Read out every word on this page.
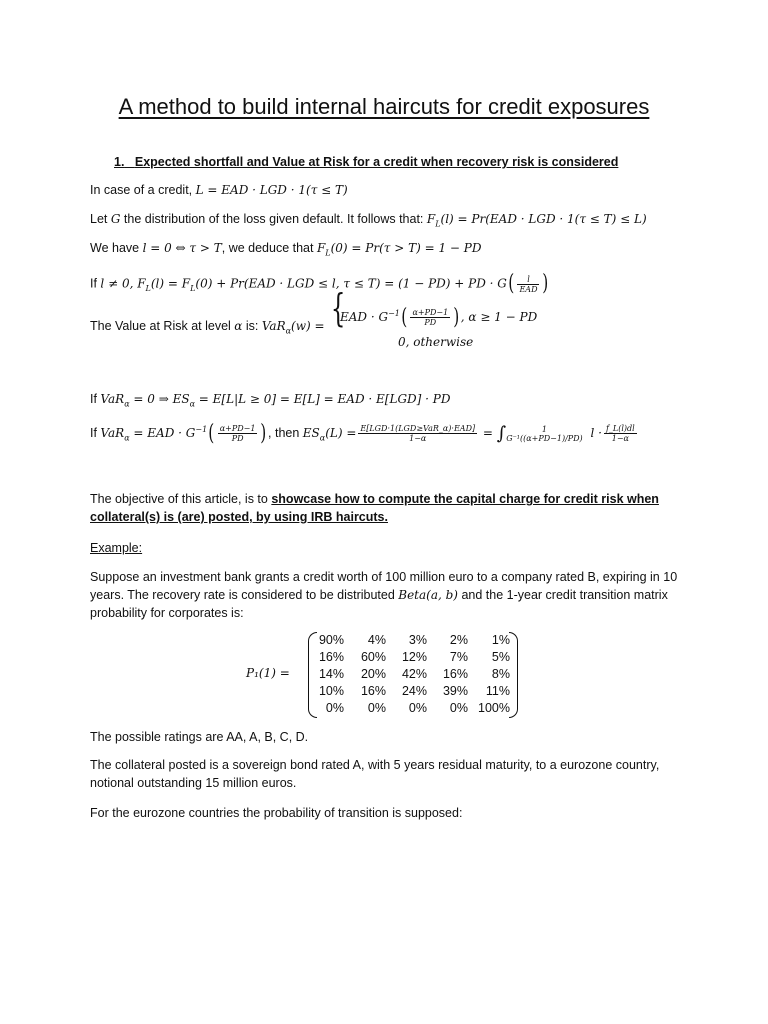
A method to build internal haircuts for credit exposures
1. Expected shortfall and Value at Risk for a credit when recovery risk is considered
In case of a credit, L = EAD · LGD · 1(τ ≤ T)
Let G the distribution of the loss given default. It follows that: $F_L(l) = Pr(EAD$ · LGD · 1(τ ≤ T) ≤ L)
We have l = 0 ⇔ τ > T, we deduce that $F_L(0) = Pr(\tau > T) = 1$ − PD
If l ≠ 0, $F_L(l) = F_L(0) + Pr(EAD$ · LGD ≤ l, τ ≤ T) = (1 − PD) + PD · $G( \frac{l}{\text{EAD}}$ )
The Value at Risk at level α is: VaR$_\alpha$(w) = {
EAD · $G^{-1}( \frac{\alpha+PD-1}{PD}$ ), α ≥ 1 − PD
0, otherwise
If VaR$_\alpha$ = 0 ⇒ $ES_\alpha = E[L|L \ge 0] = E[L]$ = EAD · E[LGD] · PD
If VaR$_\alpha$ = EAD · $G^{-1}( \frac{\alpha+PD-1}{PD}$ ), then $ES_\alpha(L) = \frac{\text{E[LGD·1(LGD≥VaR\_α)·EAD]}}{1-\alpha}$ = ∫	1
G⁻¹((α+PD−1)/PD) $l \cdot \frac{f\_L(l)dl}{1-\alpha}$
The objective of this article, is to showcase how to compute the capital charge for credit risk when collateral(s) is (are) posted, by using IRB haircuts.
Example:
Suppose an investment bank grants a credit worth of 100 million euro to a company rated B, expiring in 10 years. The recovery rate is considered to be distributed Beta(a, b) and the 1-year credit transition matrix probability for corporates is:
P₁(1) =
90%	4%	3%	2%	1%
16%	60%	12%	7%	5%
14%	20%	42%	16%	8%
10%	16%	24%	39%	11%
0%	0%	0%	0%	100%
The possible ratings are AA, A, B, C, D.
The collateral posted is a sovereign bond rated A, with 5 years residual maturity, to a eurozone country, notional outstanding 15 million euros.
For the eurozone countries the probability of transition is supposed:
